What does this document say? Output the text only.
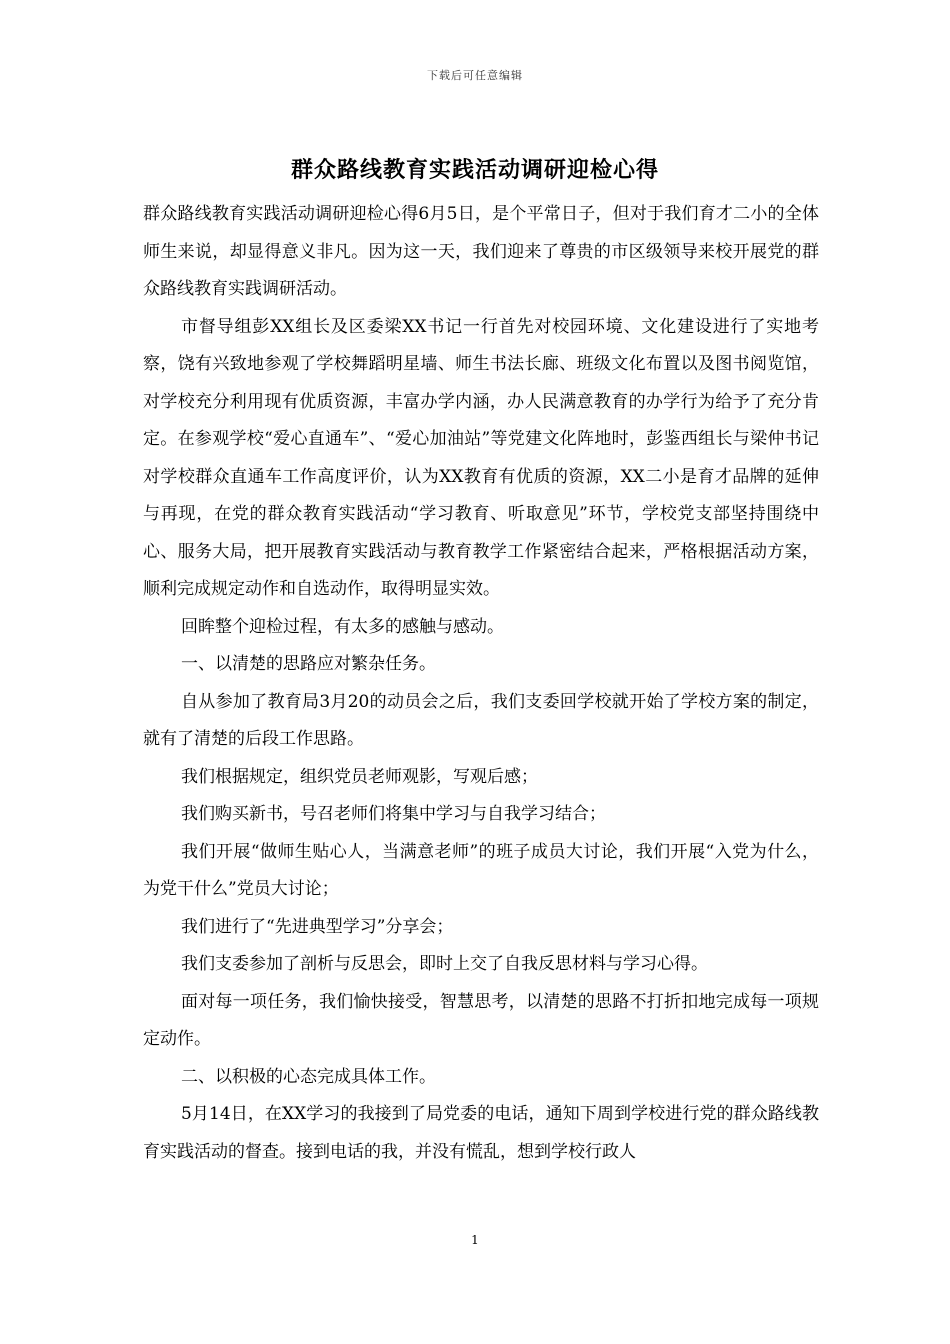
下载后可任意编辑
群众路线教育实践活动调研迎检心得

群众路线教育实践活动调研迎检心得6月5日，是个平常日子，但对于我们育才二小的全体师生来说，却显得意义非凡。因为这一天，我们迎来了尊贵的市区级领导来校开展党的群众路线教育实践调研活动。

市督导组彭XX组长及区委梁XX书记一行首先对校园环境、文化建设进行了实地考察，饶有兴致地参观了学校舞蹈明星墙、师生书法长廊、班级文化布置以及图书阅览馆，对学校充分利用现有优质资源，丰富办学内涵，办人民满意教育的办学行为给予了充分肯定。在参观学校“爱心直通车”、“爱心加油站”等党建文化阵地时，彭鉴西组长与梁仲书记对学校群众直通车工作高度评价，认为XX教育有优质的资源，XX二小是育才品牌的延伸与再现，在党的群众教育实践活动“学习教育、听取意见”环节，学校党支部坚持围绕中心、服务大局，把开展教育实践活动与教育教学工作紧密结合起来，严格根据活动方案，顺利完成规定动作和自选动作，取得明显实效。

回眸整个迎检过程，有太多的感触与感动。

一、以清楚的思路应对繁杂任务。

自从参加了教育局3月20的动员会之后，我们支委回学校就开始了学校方案的制定，就有了清楚的后段工作思路。

我们根据规定，组织党员老师观影，写观后感；

我们购买新书，号召老师们将集中学习与自我学习结合；

我们开展“做师生贴心人，当满意老师”的班子成员大讨论，我们开展“入党为什么，为党干什么”党员大讨论；

我们进行了“先进典型学习”分享会；

我们支委参加了剖析与反思会，即时上交了自我反思材料与学习心得。

面对每一项任务，我们愉快接受，智慧思考，以清楚的思路不打折扣地完成每一项规定动作。

二、以积极的心态完成具体工作。

5月14日，在XX学习的我接到了局党委的电话，通知下周到学校进行党的群众路线教育实践活动的督查。接到电话的我，并没有慌乱，想到学校行政人

1
